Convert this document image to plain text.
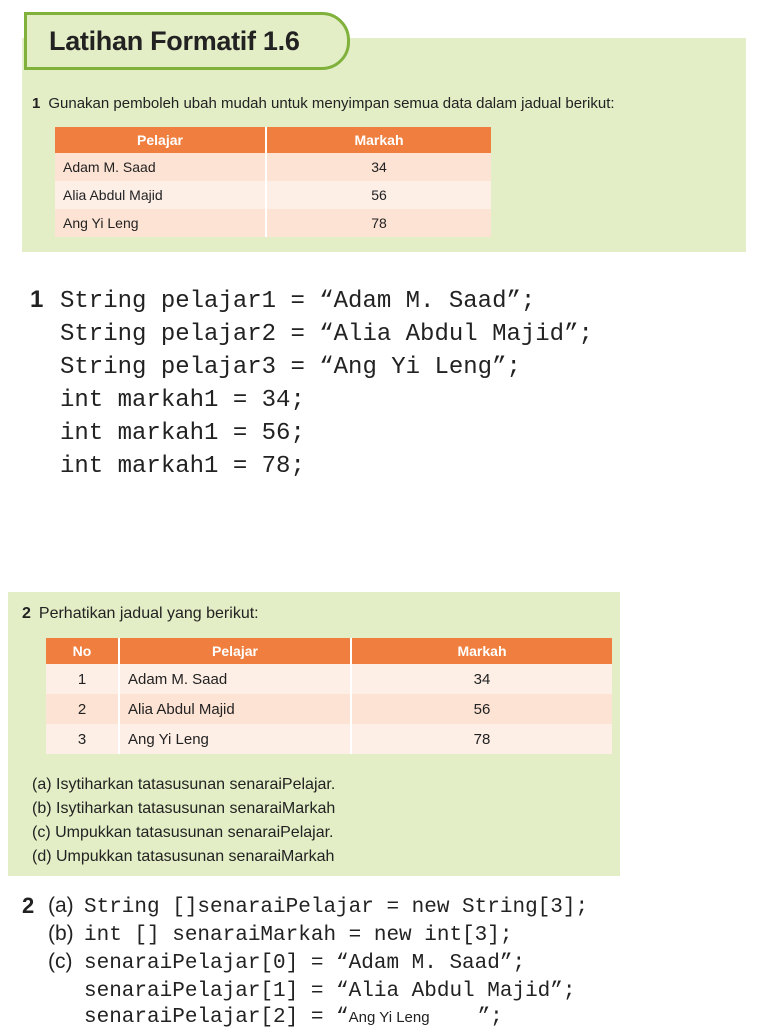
Latihan Formatif 1.6
1 Gunakan pemboleh ubah mudah untuk menyimpan semua data dalam jadual berikut:
Pelajar	Markah
Adam M. Saad	34
Alia Abdul Majid	56
Ang Yi Leng	78
1 String pelajar1 = “Adam M. Saad”;
String pelajar2 = “Alia Abdul Majid”;
String pelajar3 = “Ang Yi Leng”;
int markah1 = 34;
int markah1 = 56;
int markah1 = 78;
2 Perhatikan jadual yang berikut:
No	Pelajar	Markah
1	Adam M. Saad	34
2	Alia Abdul Majid	56
3	Ang Yi Leng	78
(a) Isytiharkan tatasusunan senaraiPelajar.
(b) Isytiharkan tatasusunan senaraiMarkah
(c) Umpukkan tatasusunan senaraiPelajar.
(d) Umpukkan tatasusunan senaraiMarkah
2 (a) String []senaraiPelajar = new String[3];
(b) int [] senaraiMarkah = new int[3];
(c) senaraiPelajar[0] = “Adam M. Saad”;
senaraiPelajar[1] = “Alia Abdul Majid”;
senaraiPelajar[2] = “Ang Yi Leng ”;
